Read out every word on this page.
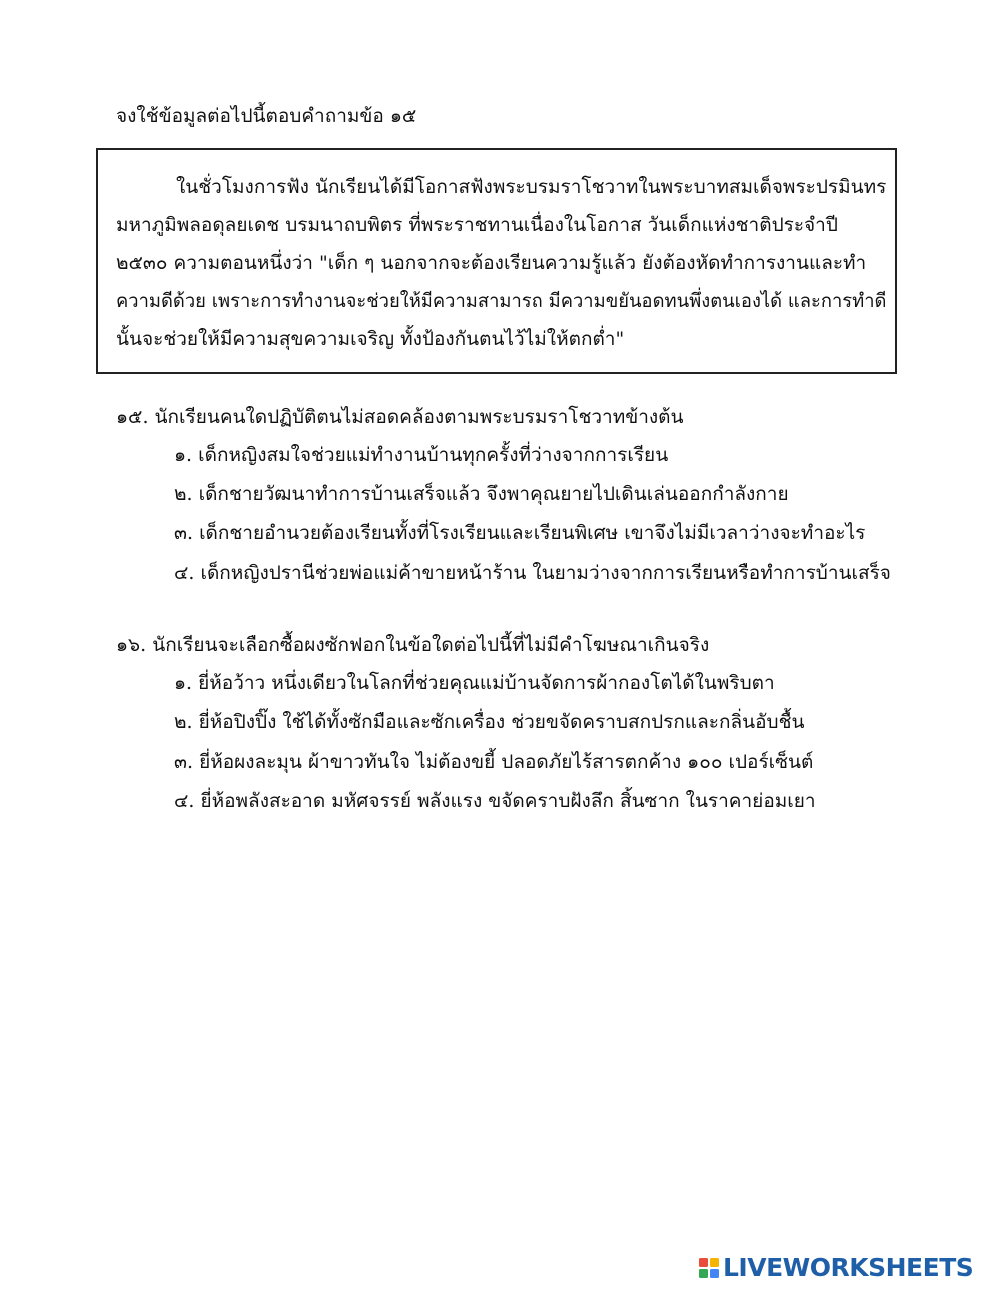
จงใช้ข้อมูลต่อไปนี้ตอบคำถามข้อ ๑๕
ในชั่วโมงการฟัง นักเรียนได้มีโอกาสฟังพระบรมราโชวาทในพระบาทสมเด็จพระปรมินทร
มหาภูมิพลอดุลยเดช บรมนาถบพิตร ที่พระราชทานเนื่องในโอกาส วันเด็กแห่งชาติประจำปี
๒๕๓๐ ความตอนหนึ่งว่า "เด็ก ๆ นอกจากจะต้องเรียนความรู้แล้ว ยังต้องหัดทำการงานและทำ
ความดีด้วย เพราะการทำงานจะช่วยให้มีความสามารถ มีความขยันอดทนพึ่งตนเองได้ และการทำดี
นั้นจะช่วยให้มีความสุขความเจริญ ทั้งป้องกันตนไว้ไม่ให้ตกต่ำ"
๑๕. นักเรียนคนใดปฏิบัติตนไม่สอดคล้องตามพระบรมราโชวาทข้างต้น
๑. เด็กหญิงสมใจช่วยแม่ทำงานบ้านทุกครั้งที่ว่างจากการเรียน
๒. เด็กชายวัฒนาทำการบ้านเสร็จแล้ว จึงพาคุณยายไปเดินเล่นออกกำลังกาย
๓. เด็กชายอำนวยต้องเรียนทั้งที่โรงเรียนและเรียนพิเศษ เขาจึงไม่มีเวลาว่างจะทำอะไร
๔. เด็กหญิงปรานีช่วยพ่อแม่ค้าขายหน้าร้าน ในยามว่างจากการเรียนหรือทำการบ้านเสร็จ
๑๖. นักเรียนจะเลือกซื้อผงซักฟอกในข้อใดต่อไปนี้ที่ไม่มีคำโฆษณาเกินจริง
๑. ยี่ห้อว้าว หนึ่งเดียวในโลกที่ช่วยคุณแม่บ้านจัดการผ้ากองโตได้ในพริบตา
๒. ยี่ห้อปิงปิ๊ง ใช้ได้ทั้งซักมือและซักเครื่อง ช่วยขจัดคราบสกปรกและกลิ่นอับชื้น
๓. ยี่ห้อผงละมุน ผ้าขาวทันใจ ไม่ต้องขยี้ ปลอดภัยไร้สารตกค้าง ๑๐๐ เปอร์เซ็นต์
๔. ยี่ห้อพลังสะอาด มหัศจรรย์ พลังแรง ขจัดคราบฝังลึก สิ้นซาก ในราคาย่อมเยา
LIVEWORKSHEETS
